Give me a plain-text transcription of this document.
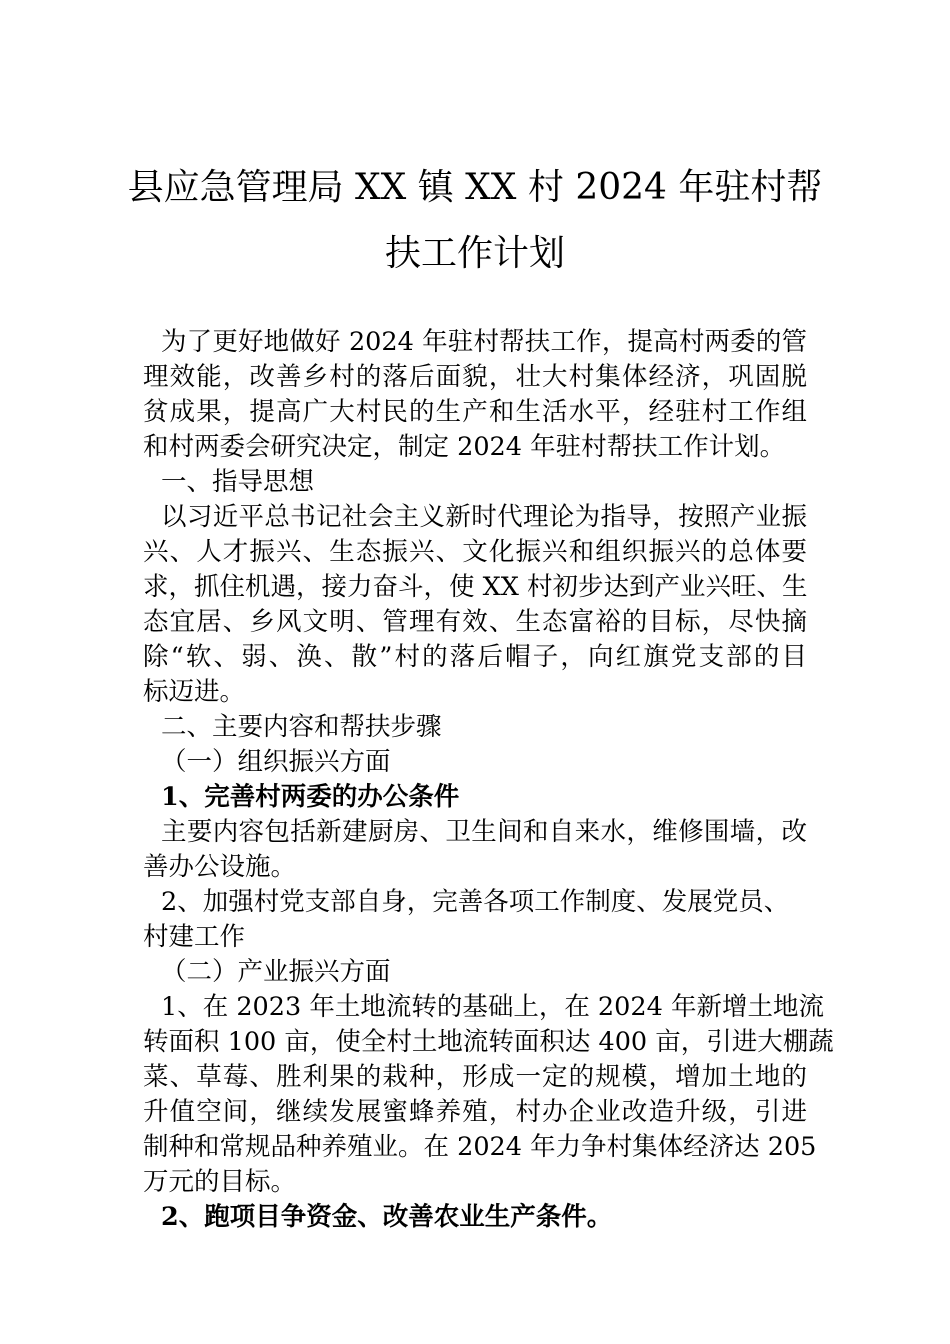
县应急管理局 XX 镇 XX 村 2024 年驻村帮
扶工作计划
为了更好地做好 2024 年驻村帮扶工作，提高村两委的管
理效能，改善乡村的落后面貌，壮大村集体经济，巩固脱
贫成果，提高广大村民的生产和生活水平，经驻村工作组
和村两委会研究决定，制定 2024 年驻村帮扶工作计划。
一、指导思想
以习近平总书记社会主义新时代理论为指导，按照产业振
兴、人才振兴、生态振兴、文化振兴和组织振兴的总体要
求，抓住机遇，接力奋斗，使 XX 村初步达到产业兴旺、生
态宜居、乡风文明、管理有效、生态富裕的目标，尽快摘
除“软、弱、涣、散”村的落后帽子，向红旗党支部的目
标迈进。
二、主要内容和帮扶步骤
（一）组织振兴方面
1、完善村两委的办公条件
主要内容包括新建厨房、卫生间和自来水，维修围墙，改
善办公设施。
2、加强村党支部自身，完善各项工作制度、发展党员、
村建工作
（二）产业振兴方面
1、在 2023 年土地流转的基础上，在 2024 年新增土地流
转面积 100 亩，使全村土地流转面积达 400 亩，引进大棚蔬
菜、草莓、胜利果的栽种，形成一定的规模，增加土地的
升值空间，继续发展蜜蜂养殖，村办企业改造升级，引进
制种和常规品种养殖业。在 2024 年力争村集体经济达 205
万元的目标。
2、跑项目争资金、改善农业生产条件。
